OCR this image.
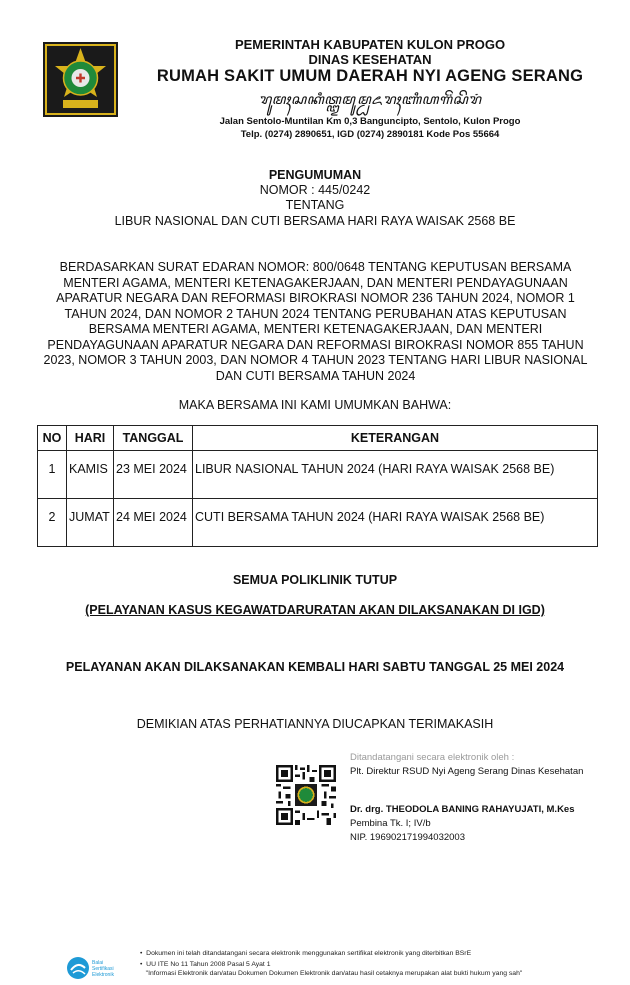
PEMERINTAH KABUPATEN KULON PROGO
DINAS KESEHATAN
RUMAH SAKIT UMUM DAERAH NYI AGENG SERANG
ꦫꦸꦩꦃꦱꦏꦶꦠ꧀ꦈꦩꦸꦩ꧀ꦝꦌꦫꦃꦚꦶꦲꦒꦼꦁꦱꦼꦫꦁ
Jalan Sentolo-Muntilan Km 0,3 Banguncipto, Sentolo, Kulon Progo
Telp. (0274) 2890651, IGD (0274) 2890181 Kode Pos 55664
PENGUMUMAN
NOMOR : 445/0242
TENTANG
LIBUR NASIONAL DAN CUTI BERSAMA HARI RAYA WAISAK 2568 BE
BERDASARKAN SURAT EDARAN NOMOR: 800/0648 TENTANG KEPUTUSAN BERSAMA MENTERI AGAMA, MENTERI KETENAGAKERJAAN, DAN MENTERI PENDAYAGUNAAN APARATUR NEGARA DAN REFORMASI BIROKRASI NOMOR 236 TAHUN 2024, NOMOR 1 TAHUN 2024, DAN NOMOR 2 TAHUN 2024 TENTANG PERUBAHAN ATAS KEPUTUSAN BERSAMA MENTERI AGAMA, MENTERI KETENAGAKERJAAN, DAN MENTERI PENDAYAGUNAAN APARATUR NEGARA DAN REFORMASI BIROKRASI NOMOR 855 TAHUN 2023, NOMOR 3 TAHUN 2003, DAN NOMOR 4 TAHUN 2023 TENTANG HARI LIBUR NASIONAL DAN CUTI BERSAMA TAHUN 2024
MAKA BERSAMA INI KAMI UMUMKAN BAHWA:
NO	HARI	TANGGAL	KETERANGAN
1	KAMIS	23 MEI 2024	LIBUR NASIONAL TAHUN 2024 (HARI RAYA WAISAK 2568 BE)
2	JUMAT	24 MEI 2024	CUTI BERSAMA TAHUN 2024 (HARI RAYA WAISAK 2568 BE)
SEMUA POLIKLINIK TUTUP
(PELAYANAN KASUS KEGAWATDARURATAN AKAN DILAKSANAKAN DI IGD)
PELAYANAN AKAN DILAKSANAKAN KEMBALI HARI SABTU TANGGAL 25 MEI 2024
DEMIKIAN ATAS PERHATIANNYA DIUCAPKAN TERIMAKASIH
Ditandatangani secara elektronik oleh :
Plt. Direktur RSUD Nyi Ageng Serang Dinas Kesehatan
Dr. drg. THEODOLA BANING RAHAYUJATI, M.Kes
Pembina Tk. I; IV/b
NIP. 196902171994032003
Balai
Sertifikasi
Elektronik
•  Dokumen ini telah ditandatangani secara elektronik menggunakan sertifikat elektronik yang diterbitkan BSrE
•  UU ITE No 11 Tahun 2008 Pasal 5 Ayat 1
"Informasi Elektronik dan/atau Dokumen Dokumen Elektronik dan/atau hasil cetaknya merupakan alat bukti hukum yang sah"
